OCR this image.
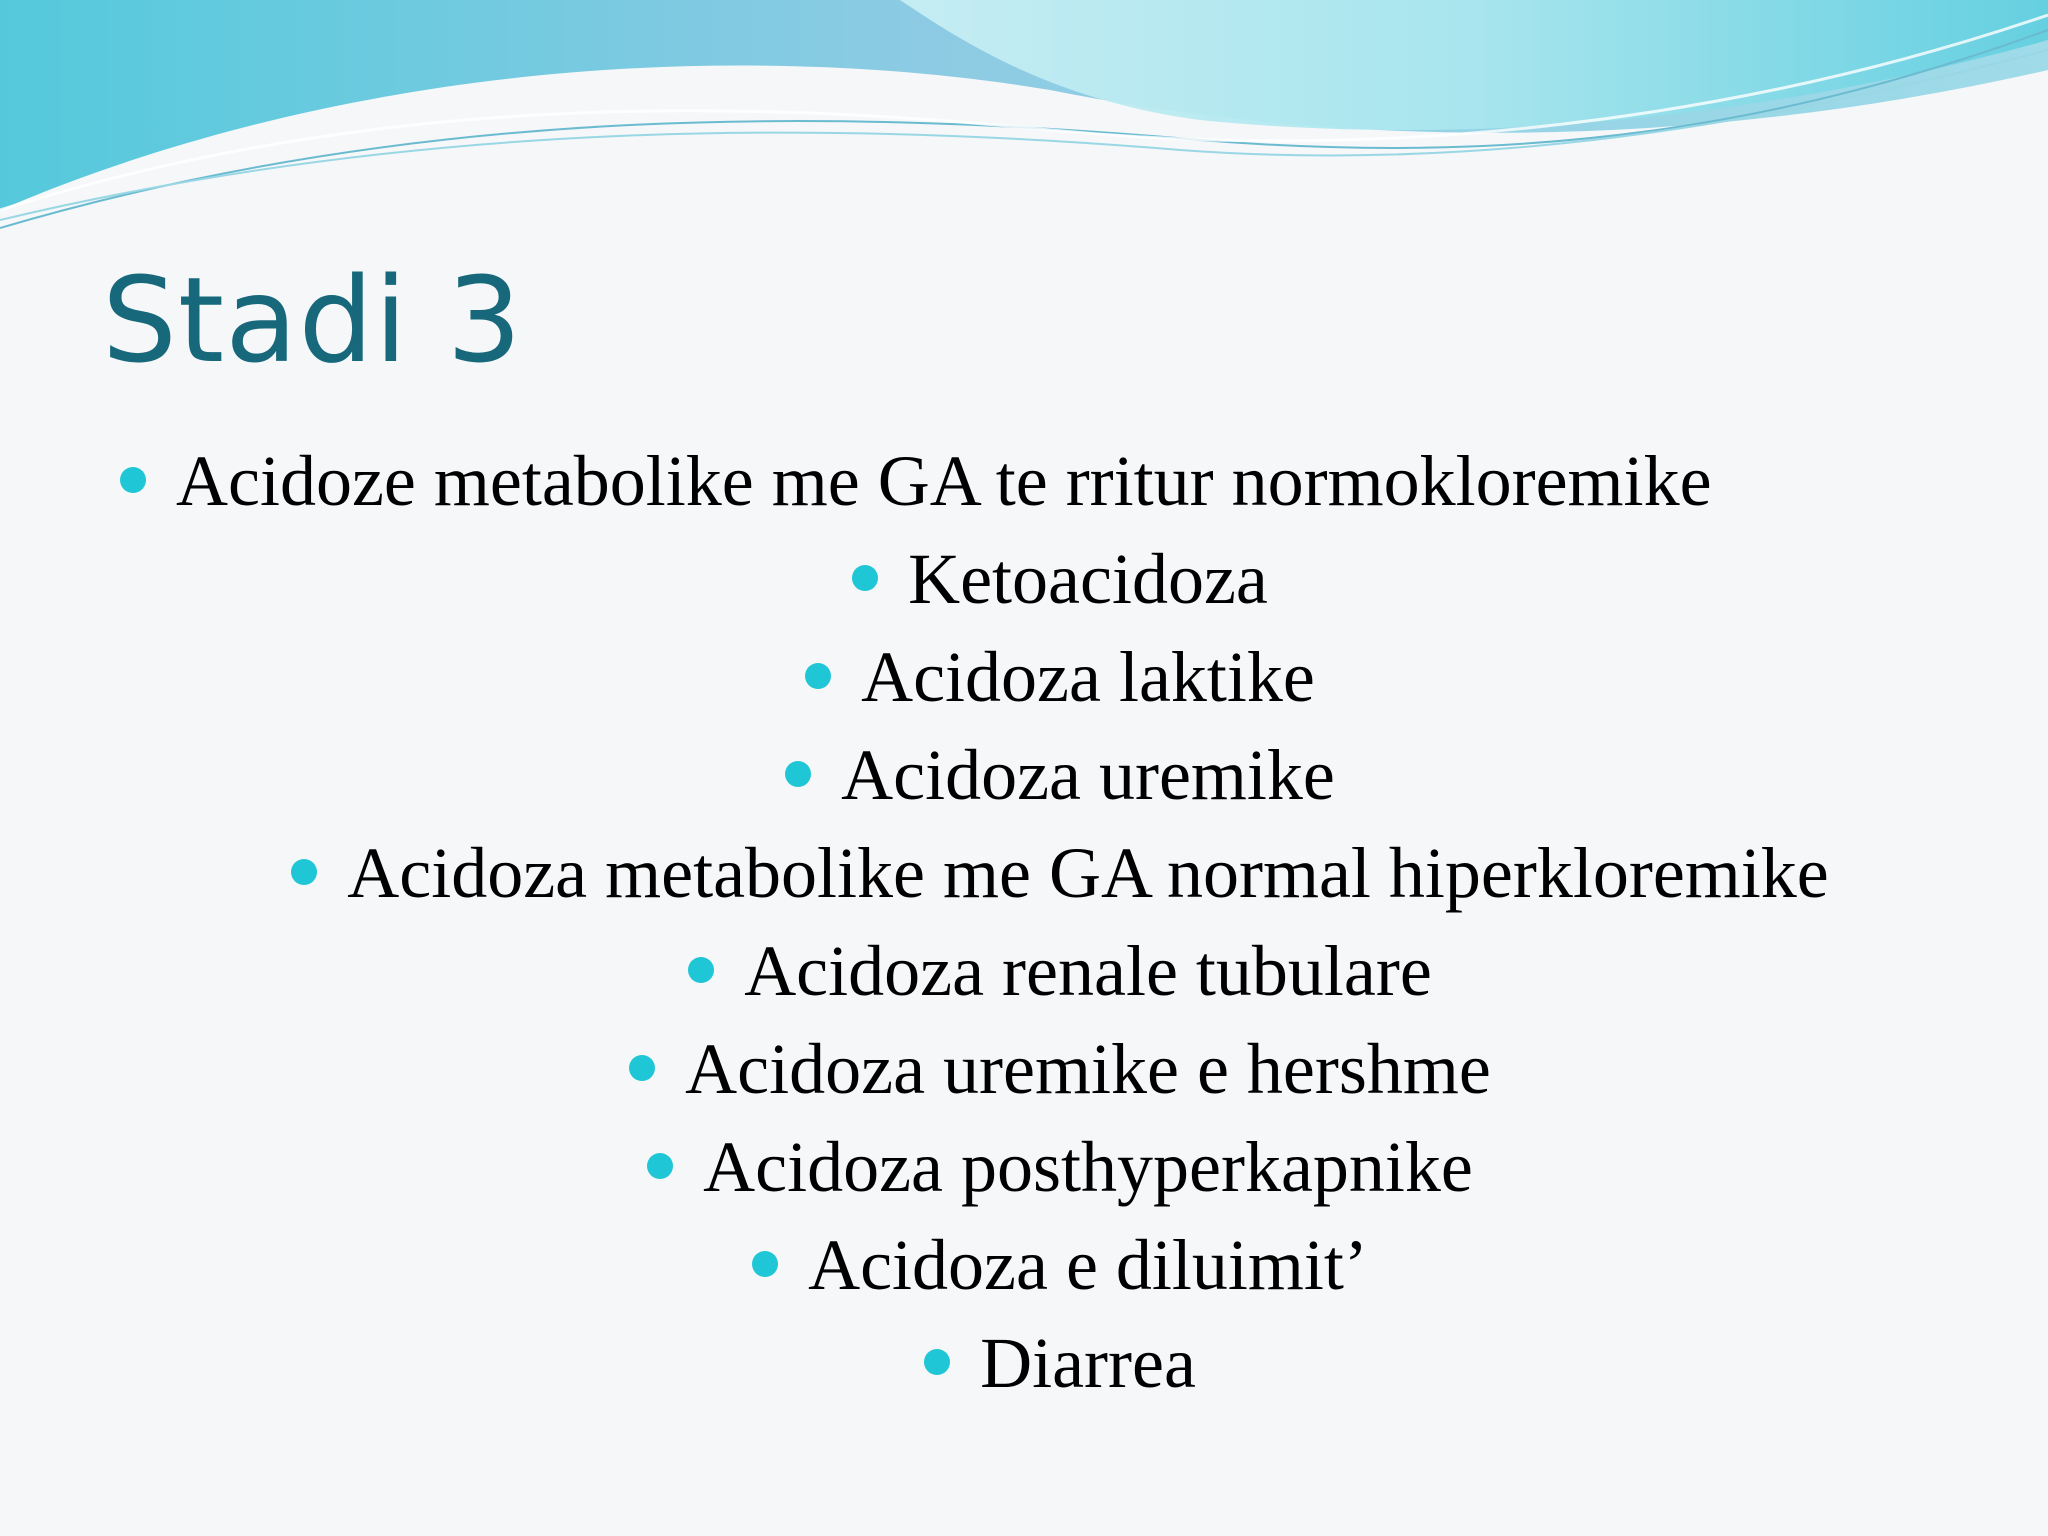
Stadi 3
Acidoze metabolike me GA te rritur normokloremike
Ketoacidoza
Acidoza laktike
Acidoza uremike
Acidoza metabolike me GA normal hiperkloremike
Acidoza renale tubulare
Acidoza uremike e hershme
Acidoza posthyperkapnike
Acidoza e diluimit’
Diarrea
